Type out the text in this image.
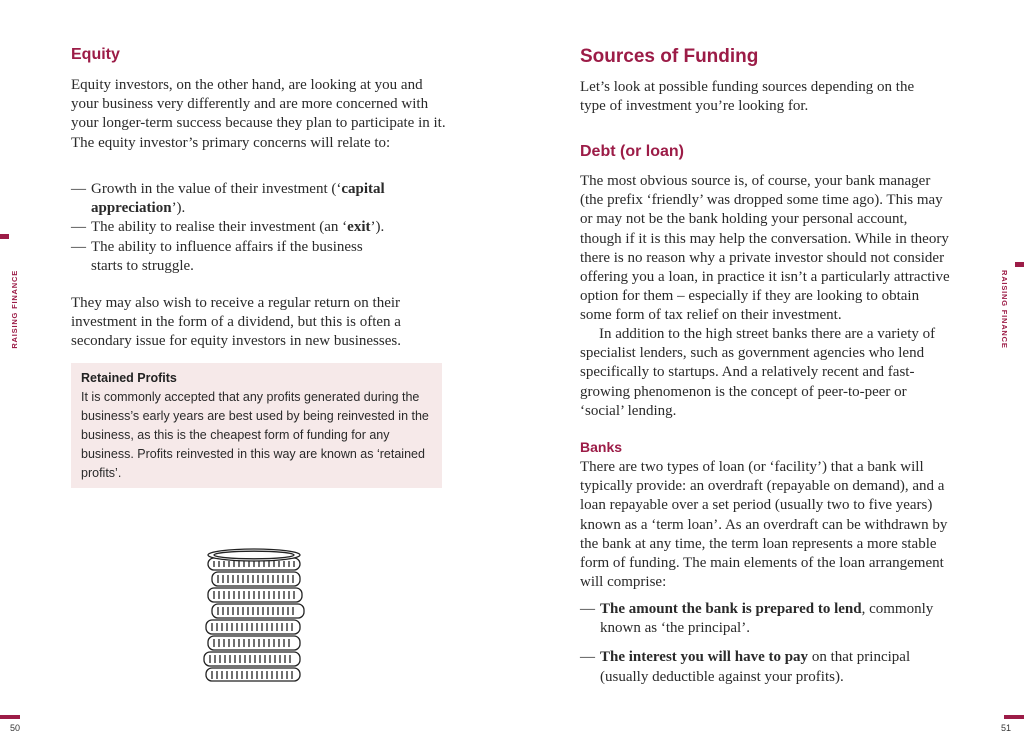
Equity

Equity investors, on the other hand, are looking at you and your business very differently and are more concerned with your longer-term success because they plan to participate in it. The equity investor’s primary concerns will relate to:

— Growth in the value of their investment (‘capital appreciation’).
— The ability to realise their investment (an ‘exit’).
— The ability to influence affairs if the business starts to struggle.

They may also wish to receive a regular return on their investment in the form of a dividend, but this is often a secondary issue for equity investors in new businesses.

Retained Profits
It is commonly accepted that any profits generated during the business’s early years are best used by being reinvested in the business, as this is the cheapest form of funding for any business. Profits reinvested in this way are known as ‘retained profits’.
RAISING FINANCE
50
Sources of Funding

Let’s look at possible funding sources depending on the type of investment you’re looking for.

Debt (or loan)

The most obvious source is, of course, your bank manager (the prefix ‘friendly’ was dropped some time ago). This may or may not be the bank holding your personal account, though if it is this may help the conversation. While in theory there is no reason why a private investor should not consider offering you a loan, in practice it isn’t a particularly attractive option for them – especially if they are looking to obtain some form of tax relief on their investment.

In addition to the high street banks there are a variety of specialist lenders, such as government agencies who lend specifically to startups. And a relatively recent and fast-growing phenomenon is the concept of peer-to-peer or ‘social’ lending.

Banks

There are two types of loan (or ‘facility’) that a bank will typically provide: an overdraft (repayable on demand), and a loan repayable over a set period (usually two to five years) known as a ‘term loan’. As an overdraft can be withdrawn by the bank at any time, the term loan represents a more stable form of funding. The main elements of the loan arrangement will comprise:

— The amount the bank is prepared to lend, commonly known as ‘the principal’.
— The interest you will have to pay on that principal (usually deductible against your profits).
RAISING FINANCE
51
